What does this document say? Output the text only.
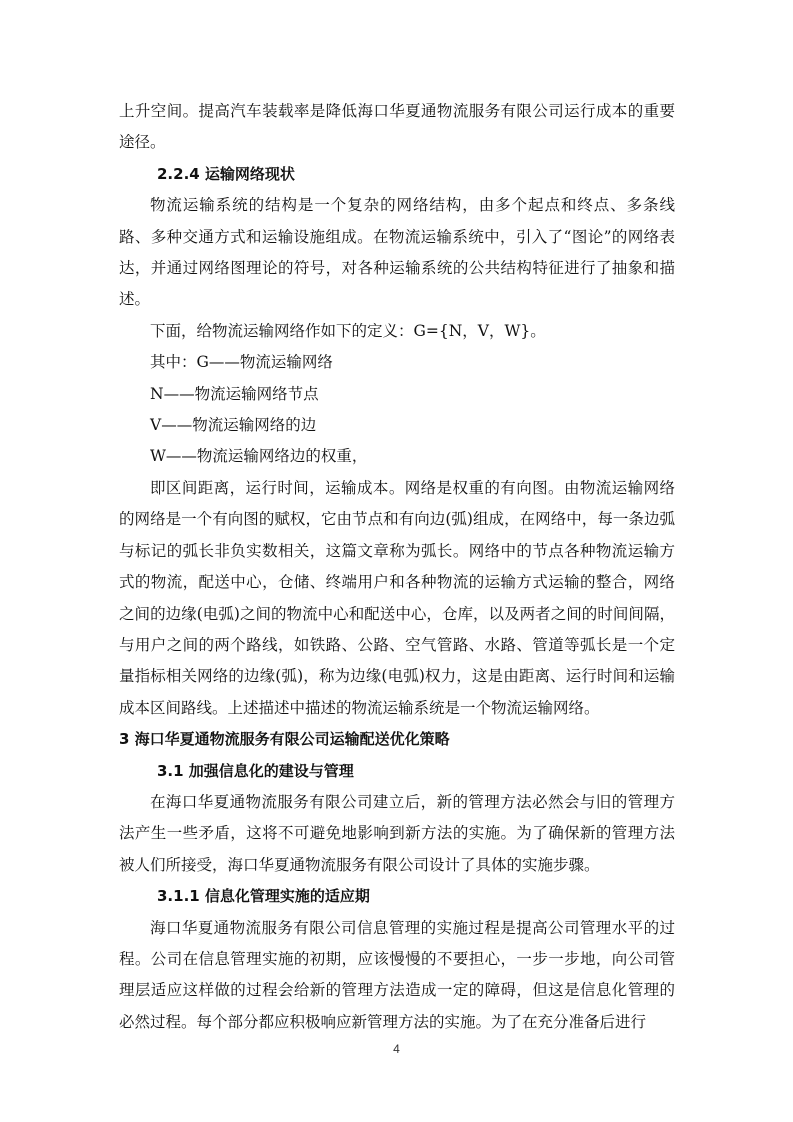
上升空间。提高汽车装载率是降低海口华夏通物流服务有限公司运行成本的重要途径。

2.2.4 运输网络现状

物流运输系统的结构是一个复杂的网络结构，由多个起点和终点、多条线路、多种交通方式和运输设施组成。在物流运输系统中，引入了“图论”的网络表达，并通过网络图理论的符号，对各种运输系统的公共结构特征进行了抽象和描述。

下面，给物流运输网络作如下的定义：G={N，V，W}。

其中：G——物流运输网络

N——物流运输网络节点

V——物流运输网络的边

W——物流运输网络边的权重，

即区间距离，运行时间，运输成本。网络是权重的有向图。由物流运输网络的网络是一个有向图的赋权，它由节点和有向边(弧)组成，在网络中，每一条边弧与标记的弧长非负实数相关，这篇文章称为弧长。网络中的节点各种物流运输方式的物流，配送中心，仓储、终端用户和各种物流的运输方式运输的整合，网络之间的边缘(电弧)之间的物流中心和配送中心，仓库，以及两者之间的时间间隔，与用户之间的两个路线，如铁路、公路、空气管路、水路、管道等弧长是一个定量指标相关网络的边缘(弧)，称为边缘(电弧)权力，这是由距离、运行时间和运输成本区间路线。上述描述中描述的物流运输系统是一个物流运输网络。

3 海口华夏通物流服务有限公司运输配送优化策略

3.1 加强信息化的建设与管理

在海口华夏通物流服务有限公司建立后，新的管理方法必然会与旧的管理方法产生一些矛盾，这将不可避免地影响到新方法的实施。为了确保新的管理方法被人们所接受，海口华夏通物流服务有限公司设计了具体的实施步骤。

3.1.1 信息化管理实施的适应期

海口华夏通物流服务有限公司信息管理的实施过程是提高公司管理水平的过程。公司在信息管理实施的初期，应该慢慢的不要担心，一步一步地，向公司管理层适应这样做的过程会给新的管理方法造成一定的障碍，但这是信息化管理的必然过程。每个部分都应积极响应新管理方法的实施。为了在充分准备后进行

4
